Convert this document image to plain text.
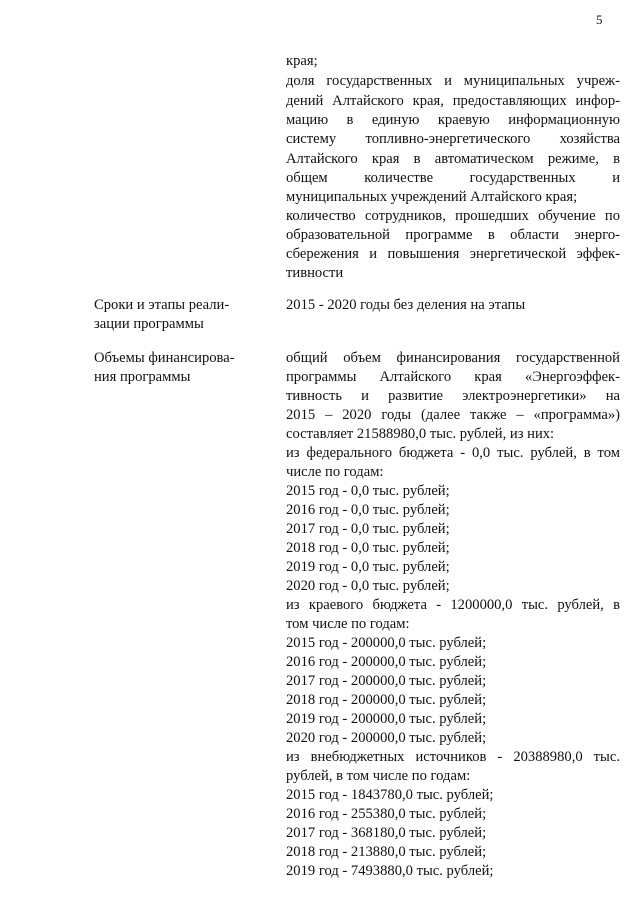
5
края;
доля государственных и муниципальных учреж-
дений Алтайского края, предоставляющих инфор-
мацию в единую краевую информационную
систему топливно-энергетического хозяйства
Алтайского края в автоматическом режиме, в
общем количестве государственных и
муниципальных учреждений Алтайского края;
количество сотрудников, прошедших обучение по
образовательной программе в области энерго-
сбережения и повышения энергетической эффек-
тивности
Сроки и этапы реали-
зации программы
2015 - 2020 годы без деления на этапы
Объемы финансирова-
ния программы
общий объем финансирования государственной
программы Алтайского края «Энергоэффек-
тивность и развитие электроэнергетики» на
2015 – 2020 годы (далее также – «программа»)
составляет 21588980,0 тыс. рублей, из них:
из федерального бюджета - 0,0 тыс. рублей, в том
числе по годам:
2015 год - 0,0 тыс. рублей;
2016 год - 0,0 тыс. рублей;
2017 год - 0,0 тыс. рублей;
2018 год - 0,0 тыс. рублей;
2019 год - 0,0 тыс. рублей;
2020 год - 0,0 тыс. рублей;
из краевого бюджета - 1200000,0 тыс. рублей, в
том числе по годам:
2015 год - 200000,0 тыс. рублей;
2016 год - 200000,0 тыс. рублей;
2017 год - 200000,0 тыс. рублей;
2018 год - 200000,0 тыс. рублей;
2019 год - 200000,0 тыс. рублей;
2020 год - 200000,0 тыс. рублей;
из внебюджетных источников - 20388980,0 тыс.
рублей, в том числе по годам:
2015 год - 1843780,0 тыс. рублей;
2016 год - 255380,0 тыс. рублей;
2017 год - 368180,0 тыс. рублей;
2018 год - 213880,0 тыс. рублей;
2019 год - 7493880,0 тыс. рублей;
